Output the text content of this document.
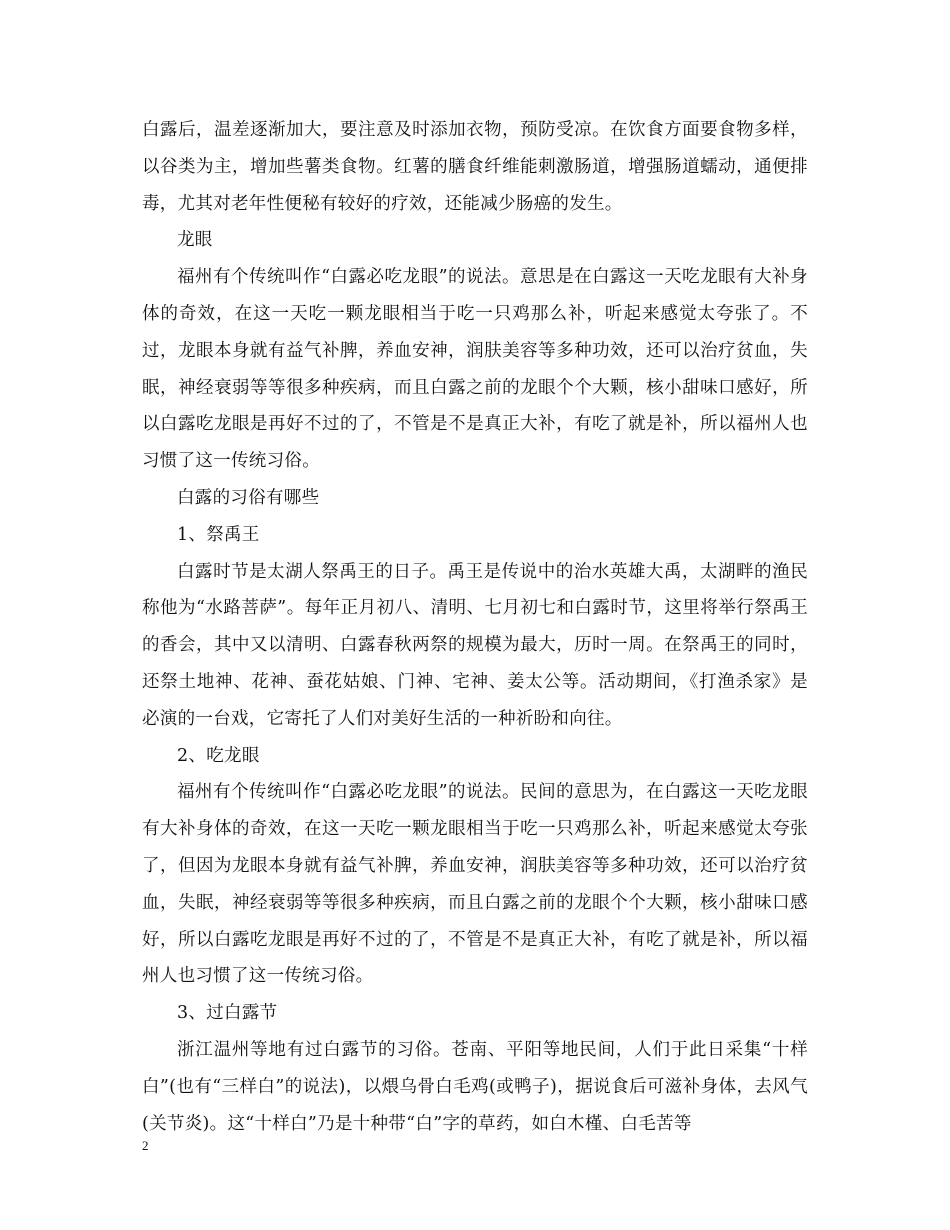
白露后，温差逐渐加大，要注意及时添加衣物，预防受凉。在饮食方面要食物多样，以谷类为主，增加些薯类食物。红薯的膳食纤维能刺激肠道，增强肠道蠕动，通便排毒，尤其对老年性便秘有较好的疗效，还能减少肠癌的发生。

龙眼

福州有个传统叫作“白露必吃龙眼”的说法。意思是在白露这一天吃龙眼有大补身体的奇效，在这一天吃一颗龙眼相当于吃一只鸡那么补，听起来感觉太夸张了。不过，龙眼本身就有益气补脾，养血安神，润肤美容等多种功效，还可以治疗贫血，失眠，神经衰弱等等很多种疾病，而且白露之前的龙眼个个大颗，核小甜味口感好，所以白露吃龙眼是再好不过的了，不管是不是真正大补，有吃了就是补，所以福州人也习惯了这一传统习俗。

白露的习俗有哪些

1、祭禹王

白露时节是太湖人祭禹王的日子。禹王是传说中的治水英雄大禹，太湖畔的渔民称他为“水路菩萨”。每年正月初八、清明、七月初七和白露时节，这里将举行祭禹王的香会，其中又以清明、白露春秋两祭的规模为最大，历时一周。在祭禹王的同时，还祭土地神、花神、蚕花姑娘、门神、宅神、姜太公等。活动期间，《打渔杀家》是必演的一台戏，它寄托了人们对美好生活的一种祈盼和向往。

2、吃龙眼

福州有个传统叫作“白露必吃龙眼”的说法。民间的意思为，在白露这一天吃龙眼有大补身体的奇效，在这一天吃一颗龙眼相当于吃一只鸡那么补，听起来感觉太夸张了，但因为龙眼本身就有益气补脾，养血安神，润肤美容等多种功效，还可以治疗贫血，失眠，神经衰弱等等很多种疾病，而且白露之前的龙眼个个大颗，核小甜味口感好，所以白露吃龙眼是再好不过的了，不管是不是真正大补，有吃了就是补，所以福州人也习惯了这一传统习俗。

3、过白露节

浙江温州等地有过白露节的习俗。苍南、平阳等地民间，人们于此日采集“十样白”(也有“三样白”的说法)，以煨乌骨白毛鸡(或鸭子)，据说食后可滋补身体，去风气(关节炎)。这“十样白”乃是十种带“白”字的草药，如白木槿、白毛苦等

2
